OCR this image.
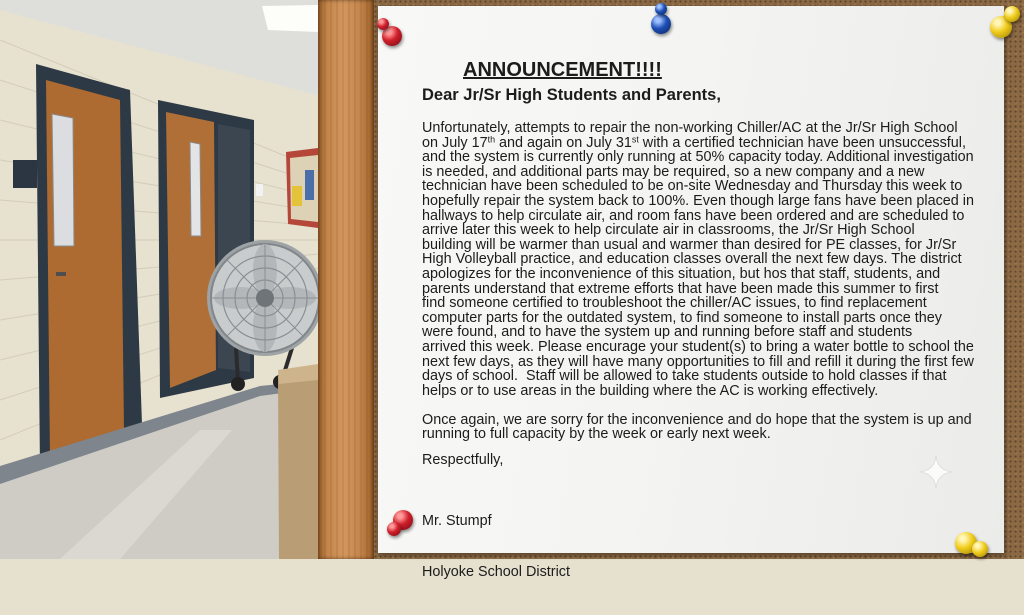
ANNOUNCEMENT!!!!
Dear Jr/Sr High Students and Parents,
Unfortunately, attempts to repair the non-working Chiller/AC at the Jr/Sr High School
on July 17th and again on July 31st with a certified technician have been unsuccessful,
and the system is currently only running at 50% capacity today. Additional investigation
is needed, and additional parts may be required, so a new company and a new
technician have been scheduled to be on-site Wednesday and Thursday this week to
hopefully repair the system back to 100%. Even though large fans have been placed in
hallways to help circulate air, and room fans have been ordered and are scheduled to
arrive later this week to help circulate air in classrooms, the Jr/Sr High School
building will be warmer than usual and warmer than desired for PE classes, for Jr/Sr
High Volleyball practice, and education classes overall the next few days. The district
apologizes for the inconvenience of this situation, but hos that staff, students, and
parents understand that extreme efforts that have been made this summer to first
find someone certified to troubleshoot the chiller/AC issues, to find replacement
computer parts for the outdated system, to find someone to install parts once they
were found, and to have the system up and running before staff and students
arrived this week. Please encurage your student(s) to bring a water bottle to school the
next few days, as they will have many opportunities to fill and refill it during the first few
days of school.  Staff will be allowed to take students outside to hold classes if that
helps or to use areas in the building where the AC is working effectively.
Once again, we are sorry for the inconvenience and do hope that the system is up and
running to full capacity by the week or early next week.
Respectfully,

Mr. Stumpf

Holyoke School District
